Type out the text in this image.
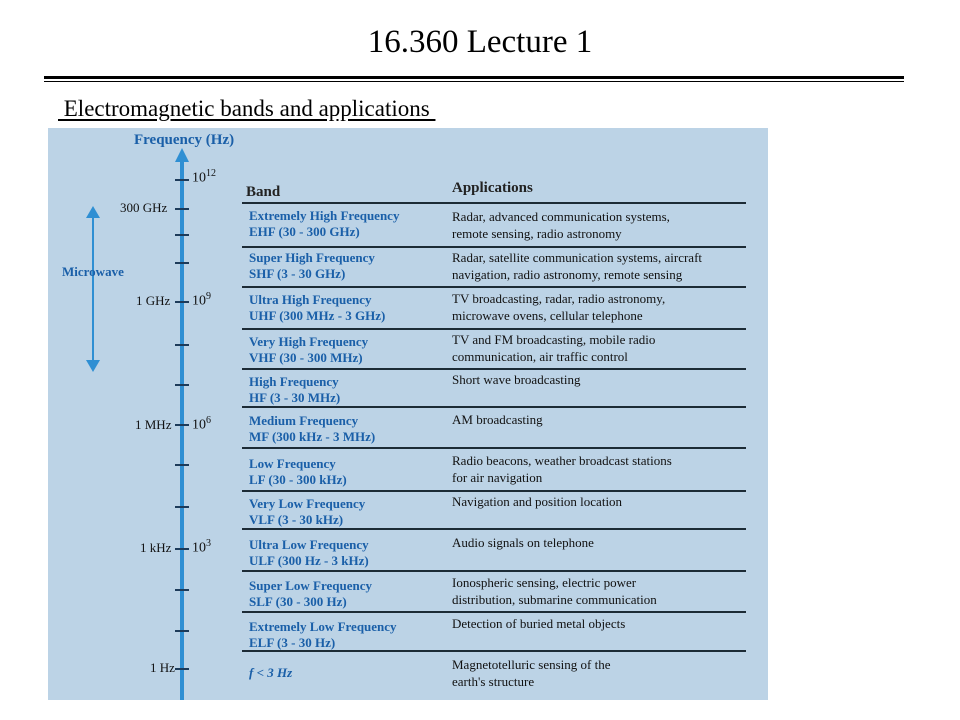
16.360 Lecture 1
Electromagnetic bands and applications
Frequency (Hz)
300 GHz
1 GHz
1 MHz
1 kHz
1 Hz
$10^{12}$
$10^9$
$10^6$
$10^3$
Microwave
Band	Applications
Extremely High Frequency
EHF (30 - 300 GHz)
Radar, advanced communication systems,
remote sensing, radio astronomy
Super High Frequency
SHF (3 - 30 GHz)
Radar, satellite communication systems, aircraft
navigation, radio astronomy, remote sensing
Ultra High Frequency
UHF (300 MHz - 3 GHz)
TV broadcasting, radar, radio astronomy,
microwave ovens, cellular telephone
Very High Frequency
VHF (30 - 300 MHz)
TV and FM broadcasting, mobile radio
communication, air traffic control
High Frequency
HF (3 - 30 MHz)
Short wave broadcasting
Medium Frequency
MF (300 kHz - 3 MHz)
AM broadcasting
Low Frequency
LF (30 - 300 kHz)
Radio beacons, weather broadcast stations
for air navigation
Very Low Frequency
VLF (3 - 30 kHz)
Navigation and position location
Ultra Low Frequency
ULF (300 Hz - 3 kHz)
Audio signals on telephone
Super Low Frequency
SLF (30 - 300 Hz)
Ionospheric sensing, electric power
distribution, submarine communication
Extremely Low Frequency
ELF (3 - 30 Hz)
Detection of buried metal objects
f < 3 Hz
Magnetotelluric sensing of the
earth's structure
